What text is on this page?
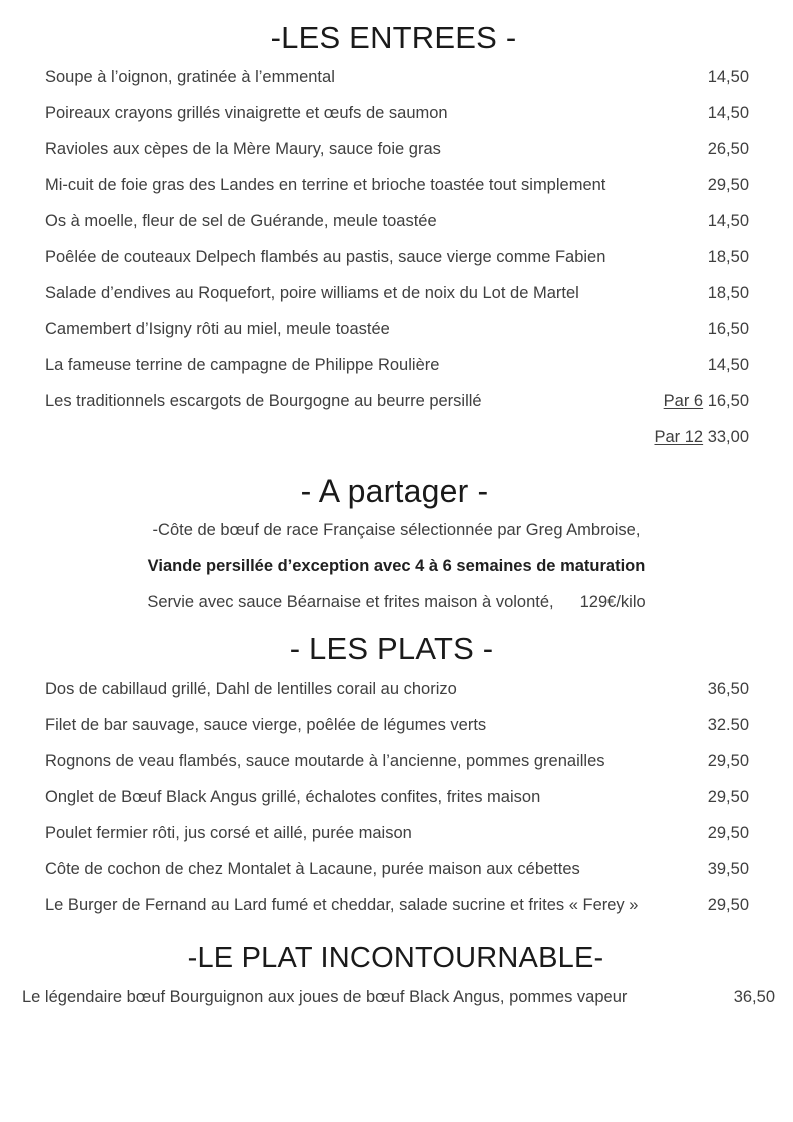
-LES ENTREES -
Soupe à l’oignon, gratinée à l’emmental	14,50
Poireaux crayons grillés vinaigrette et œufs de saumon	14,50
Ravioles aux cèpes de la Mère Maury, sauce foie gras	26,50
Mi-cuit de foie gras des Landes en terrine et brioche toastée tout simplement	29,50
Os à moelle, fleur de sel de Guérande, meule toastée	14,50
Poêlée de couteaux Delpech flambés au pastis, sauce vierge comme Fabien	18,50
Salade d’endives au Roquefort, poire williams et de noix du Lot de Martel	18,50
Camembert d’Isigny rôti au miel, meule toastée	16,50
La fameuse terrine de campagne de Philippe Roulière	14,50
Les traditionnels escargots de Bourgogne au beurre persillé	Par 6 16,50
Par 12 33,00
- A partager -
-Côte de bœuf de race Française sélectionnée par Greg Ambroise,
Viande persillée d’exception avec 4 à 6 semaines de maturation
Servie avec sauce Béarnaise et frites maison à volonté, 129€/kilo
- LES PLATS -
Dos de cabillaud grillé, Dahl de lentilles corail au chorizo	36,50
Filet de bar sauvage, sauce vierge, poêlée de légumes verts	32.50
Rognons de veau flambés, sauce moutarde à l’ancienne, pommes grenailles	29,50
Onglet de Bœuf Black Angus grillé, échalotes confites, frites maison	29,50
Poulet fermier rôti, jus corsé et aillé, purée maison	29,50
Côte de cochon de chez Montalet à Lacaune, purée maison aux cébettes	39,50
Le Burger de Fernand au Lard fumé et cheddar, salade sucrine et frites « Ferey »	29,50
-LE PLAT INCONTOURNABLE-
Le légendaire bœuf Bourguignon aux joues de bœuf Black Angus, pommes vapeur	36,50
